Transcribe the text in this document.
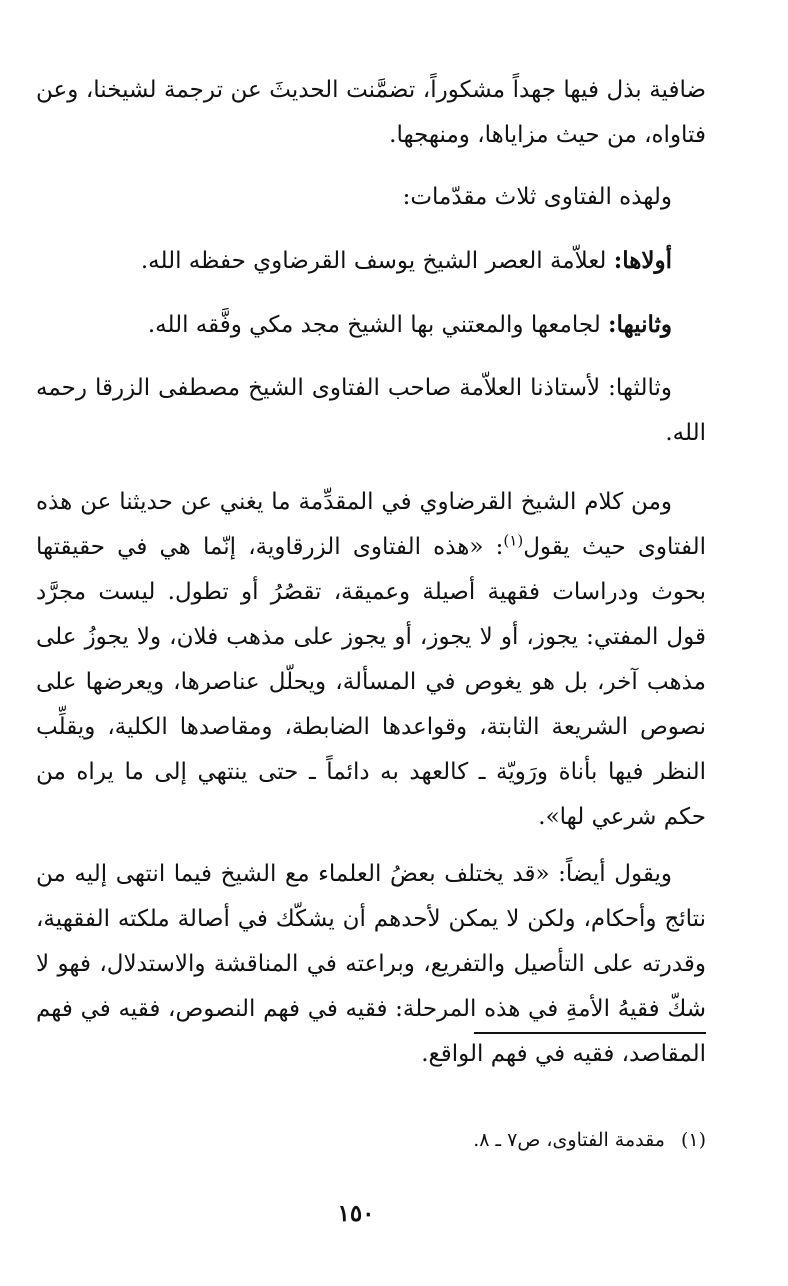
ضافية بذل فيها جهداً مشكوراً، تضمَّنت الحديثَ عن ترجمة لشيخنا، وعن فتاواه، من حيث مزاياها، ومنهجها.

ولهذه الفتاوى ثلاث مقدّمات:

أولاها: لعلاّمة العصر الشيخ يوسف القرضاوي حفظه الله.

وثانيها: لجامعها والمعتني بها الشيخ مجد مكي وفَّقه الله.

وثالثها: لأستاذنا العلاّمة صاحب الفتاوى الشيخ مصطفى الزرقا رحمه الله.

ومن كلام الشيخ القرضاوي في المقدِّمة ما يغني عن حديثنا عن هذه الفتاوى حيث يقول$^{(١)}$: «هذه الفتاوى الزرقاوية، إنّما هي في حقيقتها بحوث ودراسات فقهية أصيلة وعميقة، تقصُرُ أو تطول. ليست مجرَّد قول المفتي: يجوز، أو لا يجوز، أو يجوز على مذهب فلان، ولا يجوزُ على مذهب آخر، بل هو يغوص في المسألة، ويحلّل عناصرها، ويعرضها على نصوص الشريعة الثابتة، وقواعدها الضابطة، ومقاصدها الكلية، ويقلِّب النظر فيها بأناة ورَويّة ـ كالعهد به دائماً ـ حتى ينتهي إلى ما يراه من حكم شرعي لها».

ويقول أيضاً: «قد يختلف بعضُ العلماء مع الشيخ فيما انتهى إليه من نتائج وأحكام، ولكن لا يمكن لأحدهم أن يشكّك في أصالة ملكته الفقهية، وقدرته على التأصيل والتفريع، وبراعته في المناقشة والاستدلال، فهو لا شكّ فقيهُ الأمةِ في هذه المرحلة: فقيه في فهم النصوص، فقيه في فهم المقاصد، فقيه في فهم الواقع.

(١)مقدمة الفتاوى، ص٧ ـ ٨.

١٥٠
